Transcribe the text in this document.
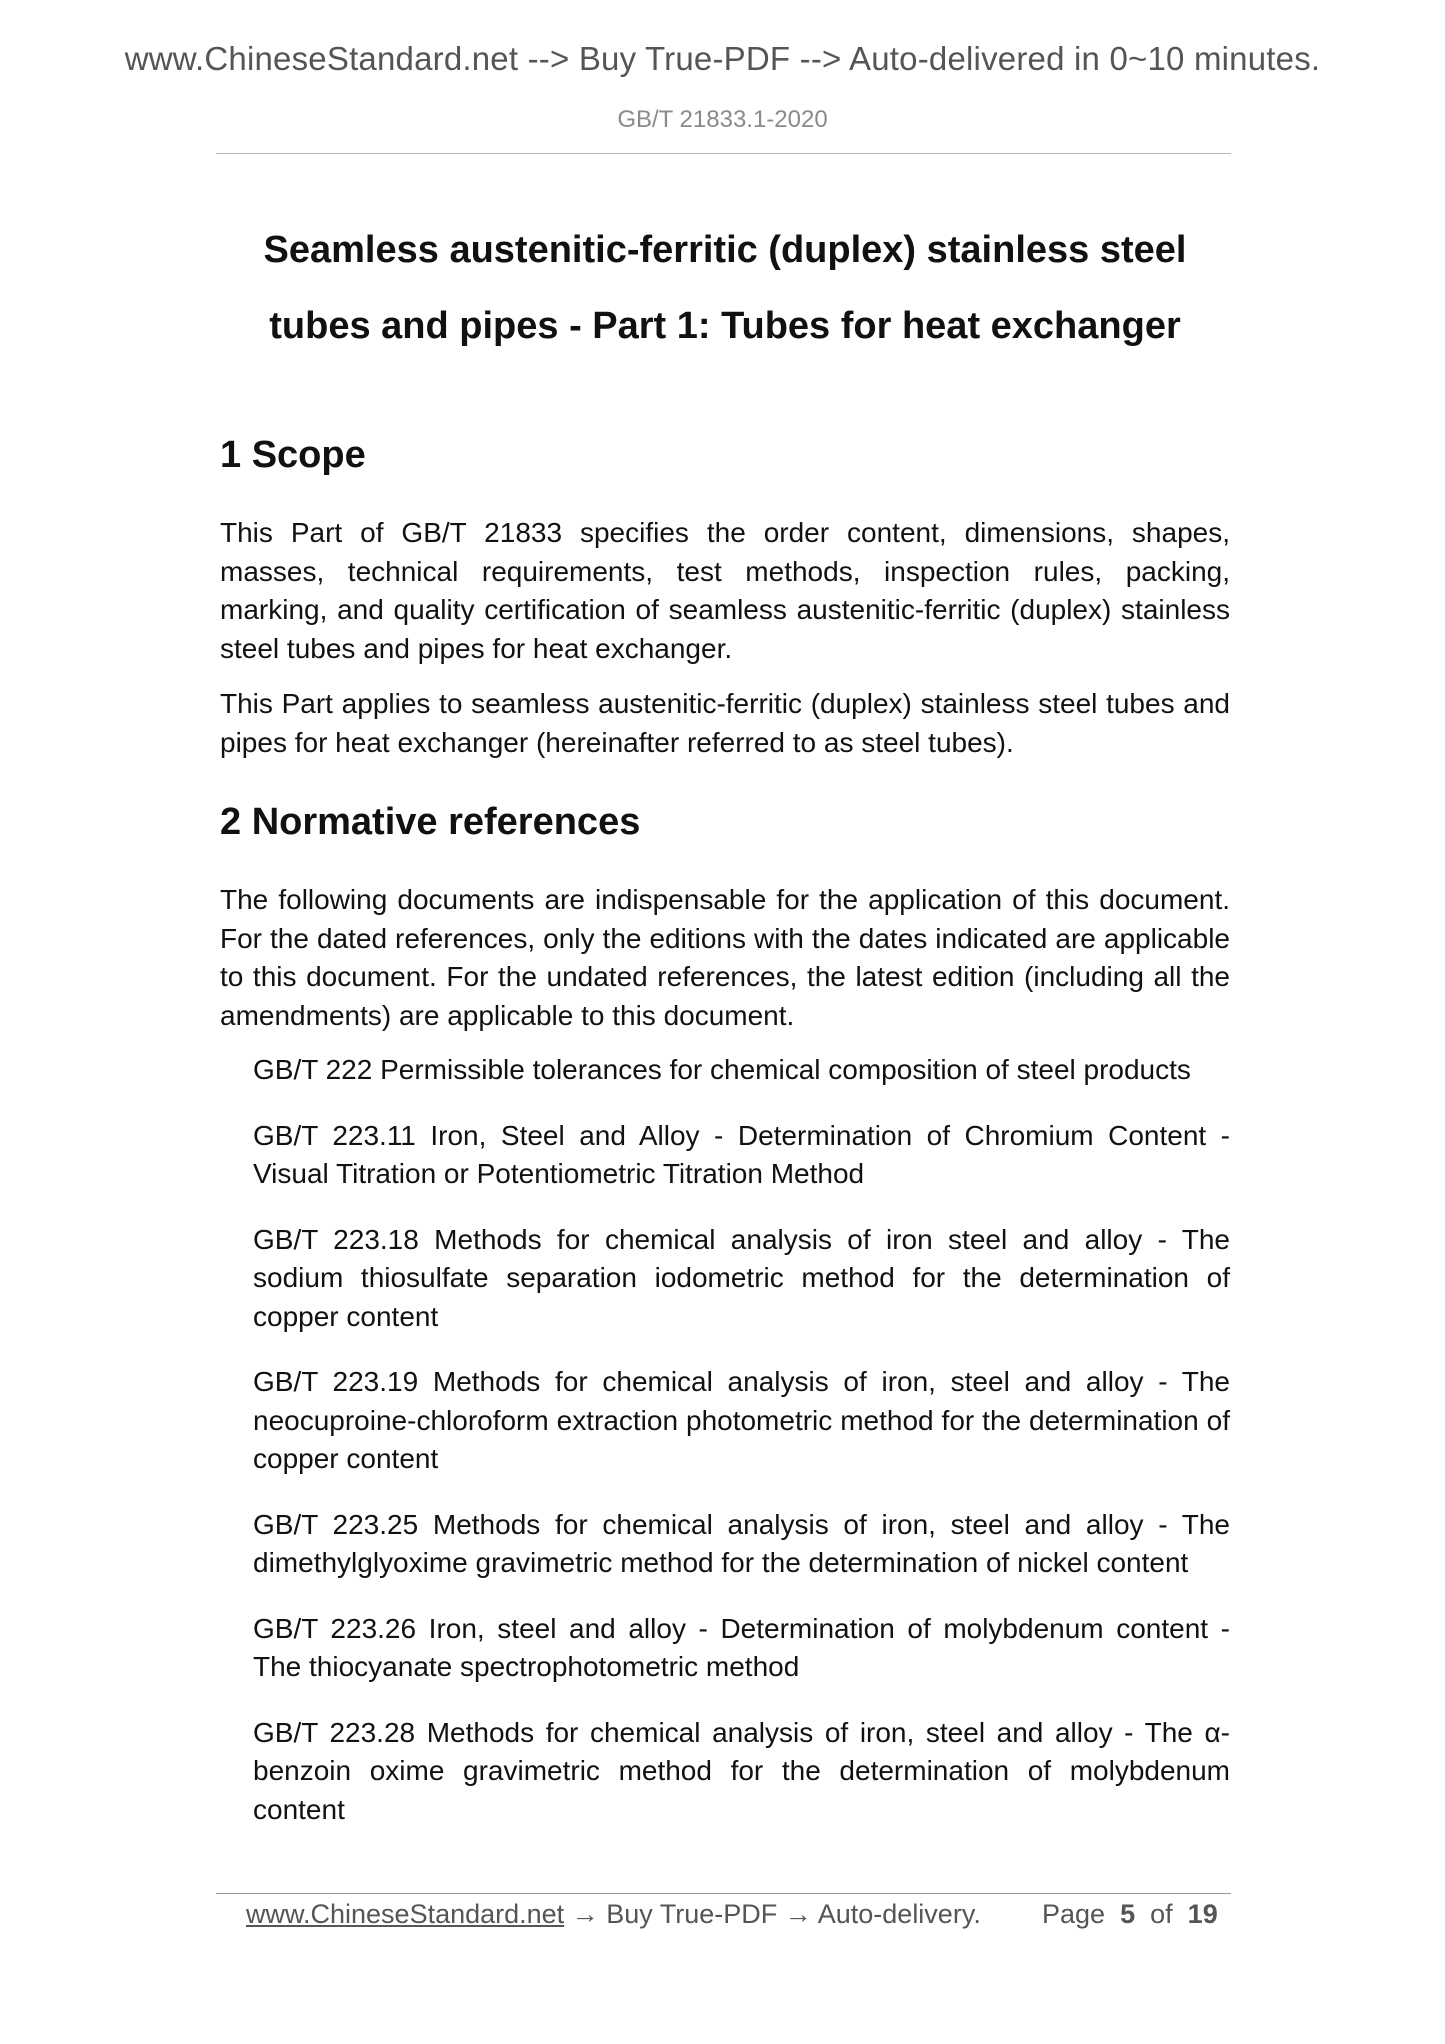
www.ChineseStandard.net --> Buy True-PDF --> Auto-delivered in 0~10 minutes.
GB/T 21833.1-2020
Seamless austenitic-ferritic (duplex) stainless steel
tubes and pipes - Part 1: Tubes for heat exchanger
1 Scope

This Part of GB/T 21833 specifies the order content, dimensions, shapes, masses, technical requirements, test methods, inspection rules, packing, marking, and quality certification of seamless austenitic-ferritic (duplex) stainless steel tubes and pipes for heat exchanger.

This Part applies to seamless austenitic-ferritic (duplex) stainless steel tubes and pipes for heat exchanger (hereinafter referred to as steel tubes).

2 Normative references

The following documents are indispensable for the application of this document. For the dated references, only the editions with the dates indicated are applicable to this document. For the undated references, the latest edition (including all the amendments) are applicable to this document.

GB/T 222 Permissible tolerances for chemical composition of steel products

GB/T 223.11 Iron, Steel and Alloy - Determination of Chromium Content - Visual Titration or Potentiometric Titration Method

GB/T 223.18 Methods for chemical analysis of iron steel and alloy - The sodium thiosulfate separation iodometric method for the determination of copper content

GB/T 223.19 Methods for chemical analysis of iron, steel and alloy - The neocuproine-chloroform extraction photometric method for the determination of copper content

GB/T 223.25 Methods for chemical analysis of iron, steel and alloy - The dimethylglyoxime gravimetric method for the determination of nickel content

GB/T 223.26 Iron, steel and alloy - Determination of molybdenum content - The thiocyanate spectrophotometric method

GB/T 223.28 Methods for chemical analysis of iron, steel and alloy - The α-benzoin oxime gravimetric method for the determination of molybdenum content

www.ChineseStandard.net → Buy True-PDF → Auto-delivery. Page 5 of 19
